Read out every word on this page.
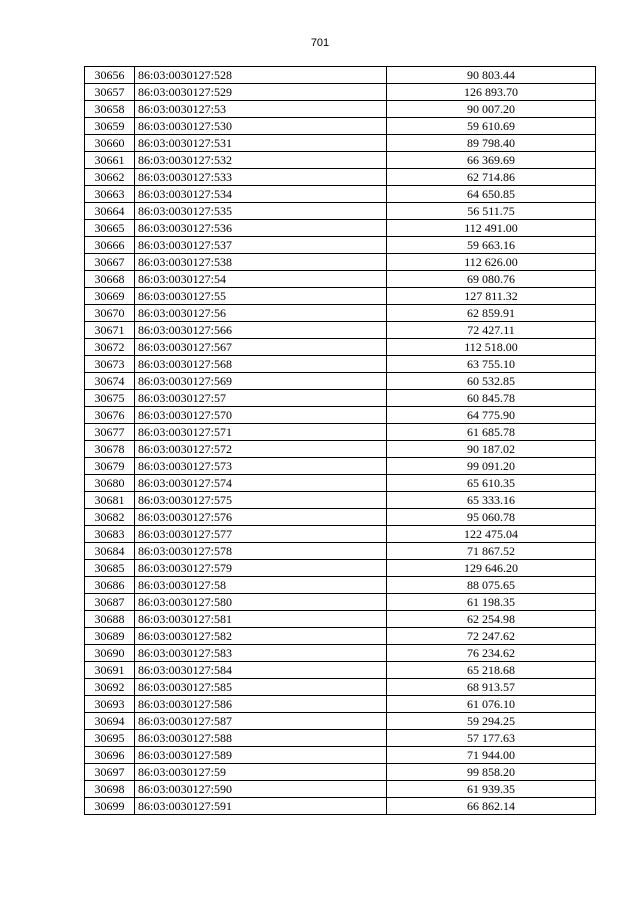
701
30656	86:03:0030127:528	90 803.44
30657	86:03:0030127:529	126 893.70
30658	86:03:0030127:53	90 007.20
30659	86:03:0030127:530	59 610.69
30660	86:03:0030127:531	89 798.40
30661	86:03:0030127:532	66 369.69
30662	86:03:0030127:533	62 714.86
30663	86:03:0030127:534	64 650.85
30664	86:03:0030127:535	56 511.75
30665	86:03:0030127:536	112 491.00
30666	86:03:0030127:537	59 663.16
30667	86:03:0030127:538	112 626.00
30668	86:03:0030127:54	69 080.76
30669	86:03:0030127:55	127 811.32
30670	86:03:0030127:56	62 859.91
30671	86:03:0030127:566	72 427.11
30672	86:03:0030127:567	112 518.00
30673	86:03:0030127:568	63 755.10
30674	86:03:0030127:569	60 532.85
30675	86:03:0030127:57	60 845.78
30676	86:03:0030127:570	64 775.90
30677	86:03:0030127:571	61 685.78
30678	86:03:0030127:572	90 187.02
30679	86:03:0030127:573	99 091.20
30680	86:03:0030127:574	65 610.35
30681	86:03:0030127:575	65 333.16
30682	86:03:0030127:576	95 060.78
30683	86:03:0030127:577	122 475.04
30684	86:03:0030127:578	71 867.52
30685	86:03:0030127:579	129 646.20
30686	86:03:0030127:58	88 075.65
30687	86:03:0030127:580	61 198.35
30688	86:03:0030127:581	62 254.98
30689	86:03:0030127:582	72 247.62
30690	86:03:0030127:583	76 234.62
30691	86:03:0030127:584	65 218.68
30692	86:03:0030127:585	68 913.57
30693	86:03:0030127:586	61 076.10
30694	86:03:0030127:587	59 294.25
30695	86:03:0030127:588	57 177.63
30696	86:03:0030127:589	71 944.00
30697	86:03:0030127:59	99 858.20
30698	86:03:0030127:590	61 939.35
30699	86:03:0030127:591	66 862.14
